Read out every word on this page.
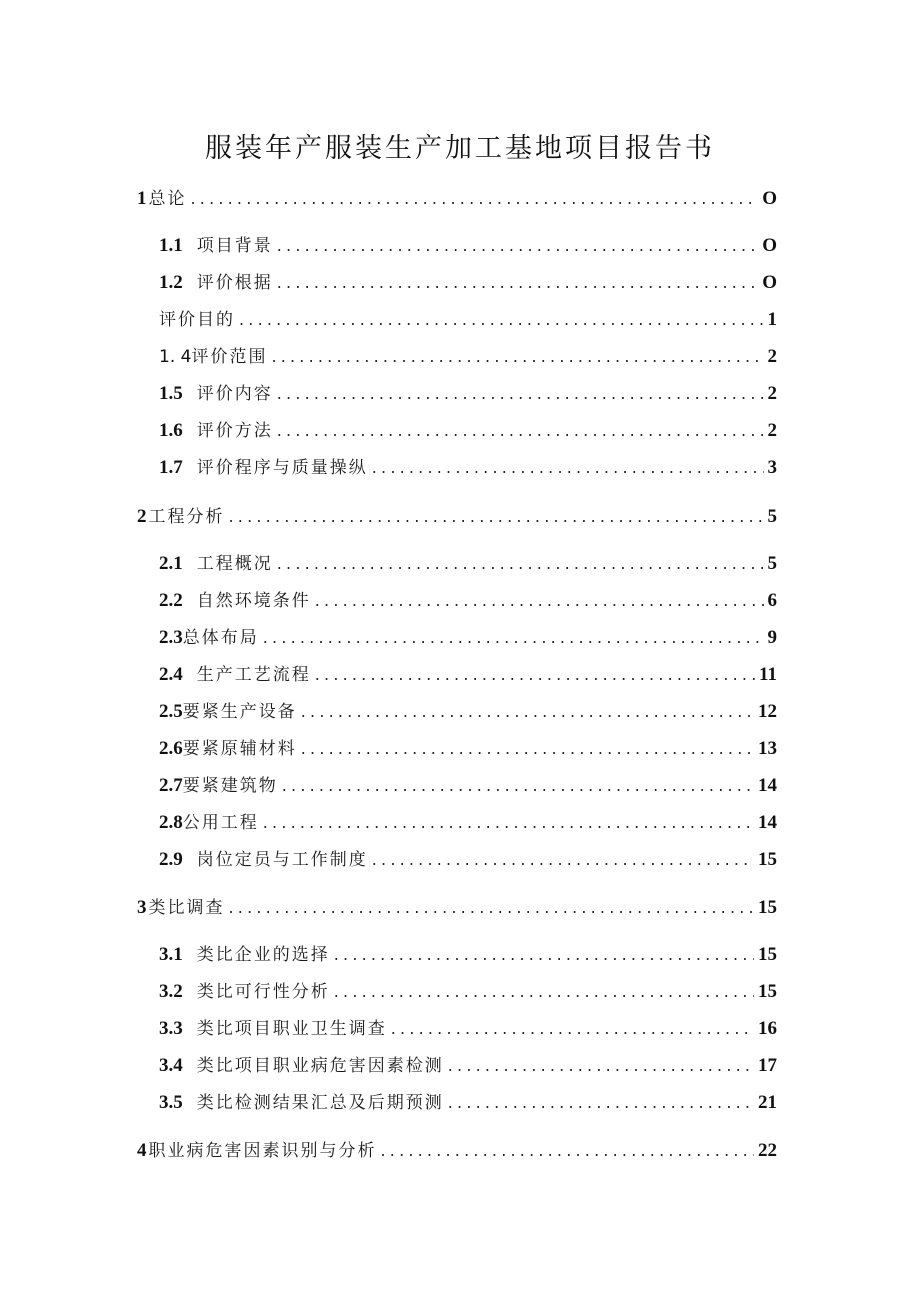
服装年产服装生产加工基地项目报告书
1 总论 .....	O
1.1 项目背景 .....	O
1.2 评价根据 .....	O
评价目的 .....	1
1. 4 评价范围 .....	2
1.5 评价内容 .....	2
1.6 评价方法 .....	2
1.7 评价程序与质量操纵 .....	3
2 工程分析 .....	5
2.1 工程概况 .....	5
2.2 自然环境条件 .....	6
2.3 总体布局 .....	9
2.4 生产工艺流程 .....	11
2.5 要紧生产设备 .....	12
2.6 要紧原辅材料 .....	13
2.7 要紧建筑物 .....	14
2.8 公用工程 .....	14
2.9 岗位定员与工作制度 .....	15
3 类比调查 .....	15
3.1 类比企业的选择 .....	15
3.2 类比可行性分析 .....	15
3.3 类比项目职业卫生调查 .....	16
3.4 类比项目职业病危害因素检测 .....	17
3.5 类比检测结果汇总及后期预测 .....	21
4 职业病危害因素识别与分析 .....	22
